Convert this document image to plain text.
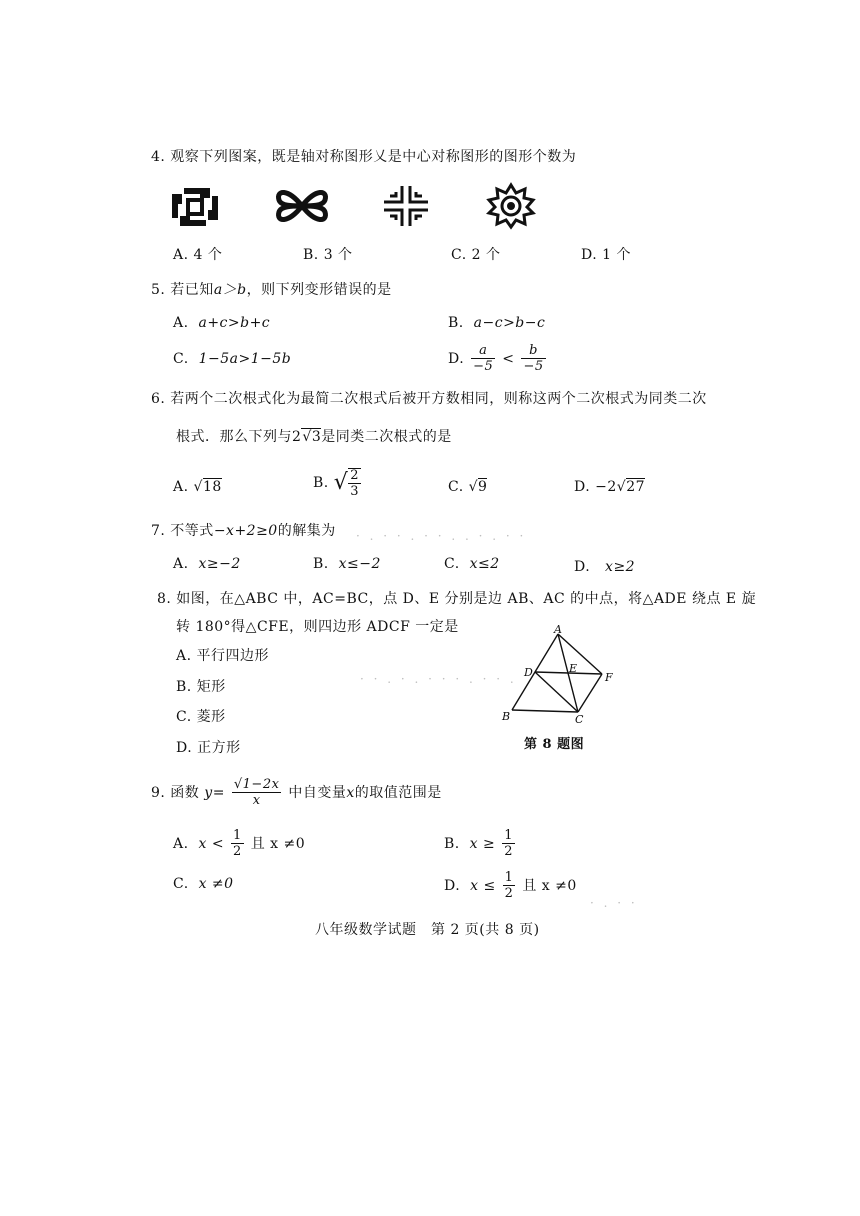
4. 观察下列图案，既是轴对称图形乂是中心对称图形的图形个数为
A. 4 个	B. 3 个	C. 2 个	D. 1 个
5. 若已知a＞b，则下列变形错误的是
A. a+c>b+c	B. a−c>b−c
C. 1−5a>1−5b	D. $\frac{a}{-5} < \frac{b}{-5}$
6. 若两个二次根式化为最简二次根式后被开方数相同，则称这两个二次根式为同类二次
根式．那么下列与2√3是同类二次根式的是
A. √18	B. √ $\frac{2}{3}$	C. √9	D. −2√27
7. 不等式−x+2≥0的解集为
A. x≥−2	B. x≤−2	C. x≤2	D. x≥2
8. 如图，在△ABC 中，AC=BC，点 D、E 分别是边 AB、AC 的中点，将△ADE 绕点 E 旋
转 180°得△CFE，则四边形 ADCF 一定是
A. 平行四边形
B. 矩形
C. 菱形
D. 正方形
A
D	E
F
B	C
第 8 题图
9. 函数 $y= \frac{√1-2x}{x}$ 中自变量x的取值范围是
A. $x < \frac{1}{2}$ 且 x ≠0	B. $x \ge \frac{1}{2}$
C. x ≠0	D. $x \le \frac{1}{2}$ 且 x ≠0
· . · · . · · . . · . · ·
· · . · . · · · . · · .
· . · ·
八年级数学试题　第 2 页(共 8 页)
